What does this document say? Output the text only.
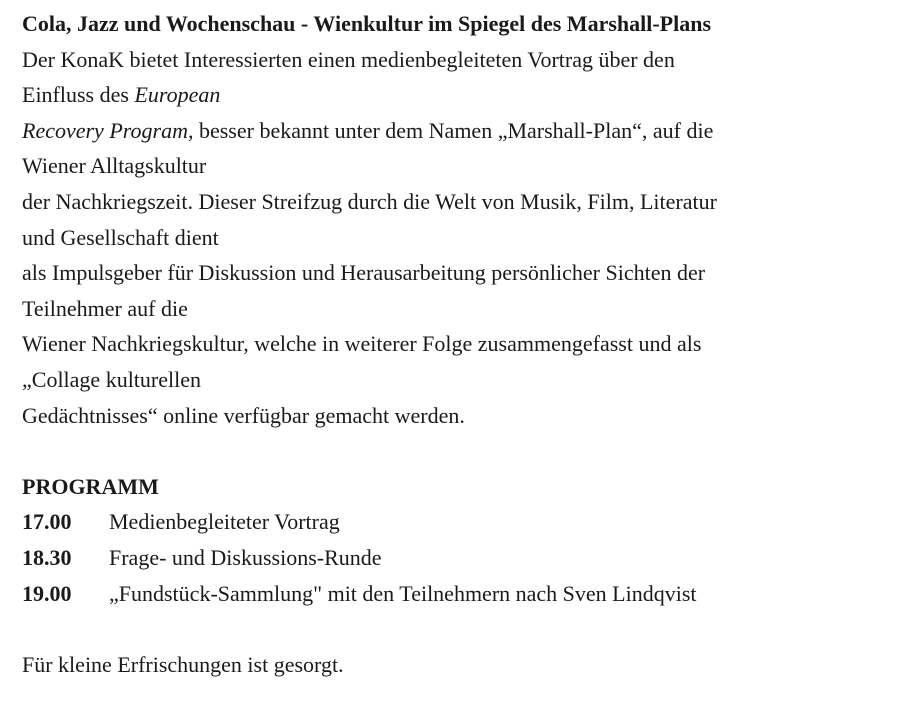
Cola, Jazz und Wochenschau - Wienkultur im Spiegel des Marshall-Plans

Der KonaK bietet Interessierten einen medienbegleiteten Vortrag über den

Einfluss des European

Recovery Program, besser bekannt unter dem Namen „Marshall-Plan“, auf die

Wiener Alltagskultur

der Nachkriegszeit. Dieser Streifzug durch die Welt von Musik, Film, Literatur

und Gesellschaft dient

als Impulsgeber für Diskussion und Herausarbeitung persönlicher Sichten der

Teilnehmer auf die

Wiener Nachkriegskultur, welche in weiterer Folge zusammengefasst und als

„Collage kulturellen

Gedächtnisses“ online verfügbar gemacht werden.

PROGRAMM

17.00	Medienbegleiteter Vortrag
18.30	Frage- und Diskussions-Runde
19.00	„Fundstück-Sammlung" mit den Teilnehmern nach Sven Lindqvist

Für kleine Erfrischungen ist gesorgt.
